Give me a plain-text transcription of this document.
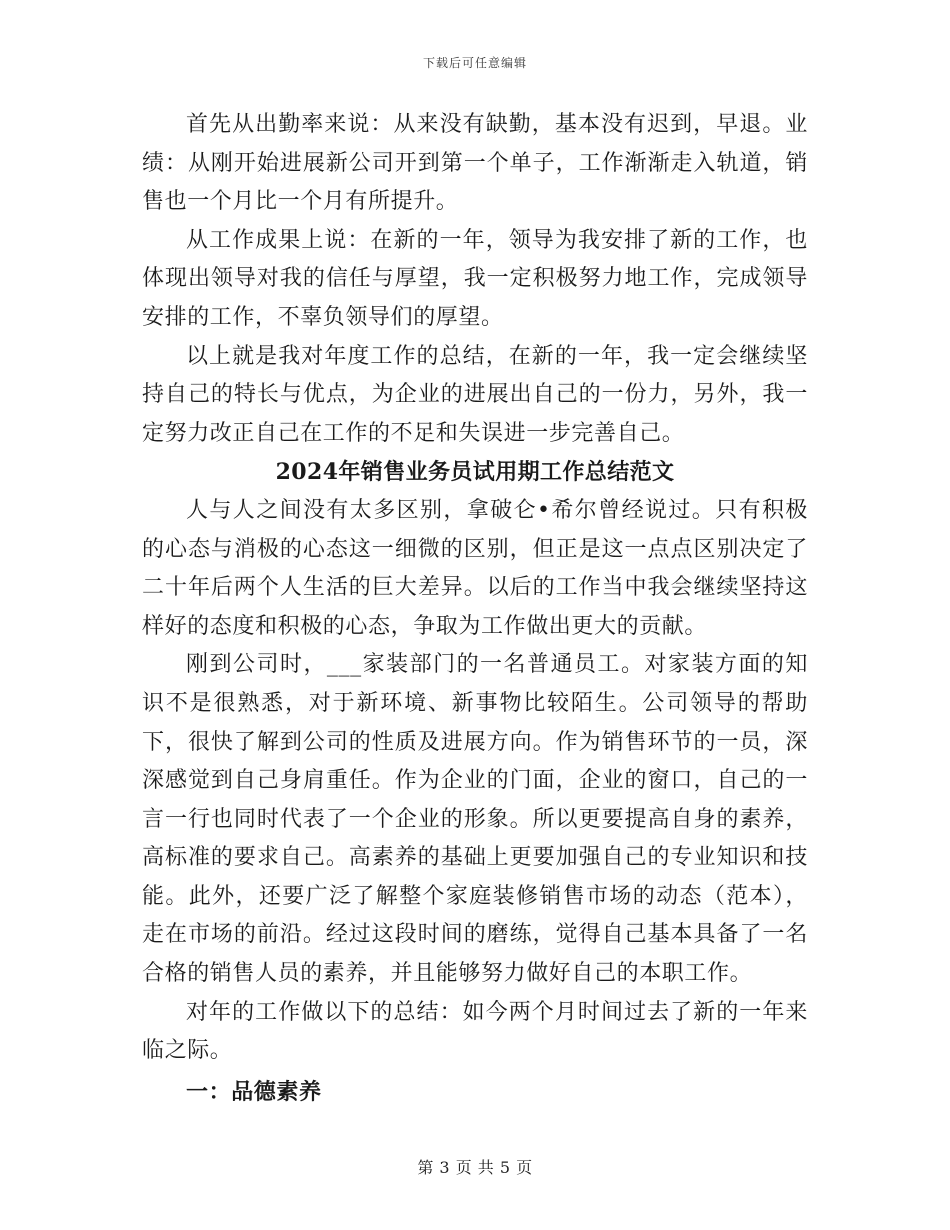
下载后可任意编辑

首先从出勤率来说：从来没有缺勤，基本没有迟到，早退。业绩：从刚开始进展新公司开到第一个单子，工作渐渐走入轨道，销售也一个月比一个月有所提升。

从工作成果上说：在新的一年，领导为我安排了新的工作，也体现出领导对我的信任与厚望，我一定积极努力地工作，完成领导安排的工作，不辜负领导们的厚望。

以上就是我对年度工作的总结，在新的一年，我一定会继续坚持自己的特长与优点，为企业的进展出自己的一份力，另外，我一定努力改正自己在工作的不足和失误进一步完善自己。

2024年销售业务员试用期工作总结范文

人与人之间没有太多区别，拿破仑•希尔曾经说过。只有积极的心态与消极的心态这一细微的区别，但正是这一点点区别决定了二十年后两个人生活的巨大差异。以后的工作当中我会继续坚持这样好的态度和积极的心态，争取为工作做出更大的贡献。

刚到公司时，___家装部门的一名普通员工。对家装方面的知识不是很熟悉，对于新环境、新事物比较陌生。公司领导的帮助下，很快了解到公司的性质及进展方向。作为销售环节的一员，深深感觉到自己身肩重任。作为企业的门面，企业的窗口，自己的一言一行也同时代表了一个企业的形象。所以更要提高自身的素养，高标准的要求自己。高素养的基础上更要加强自己的专业知识和技能。此外，还要广泛了解整个家庭装修销售市场的动态（范本），走在市场的前沿。经过这段时间的磨练，觉得自己基本具备了一名合格的销售人员的素养，并且能够努力做好自己的本职工作。

对年的工作做以下的总结：如今两个月时间过去了新的一年来临之际。

一：品德素养
第 3 页 共 5 页
